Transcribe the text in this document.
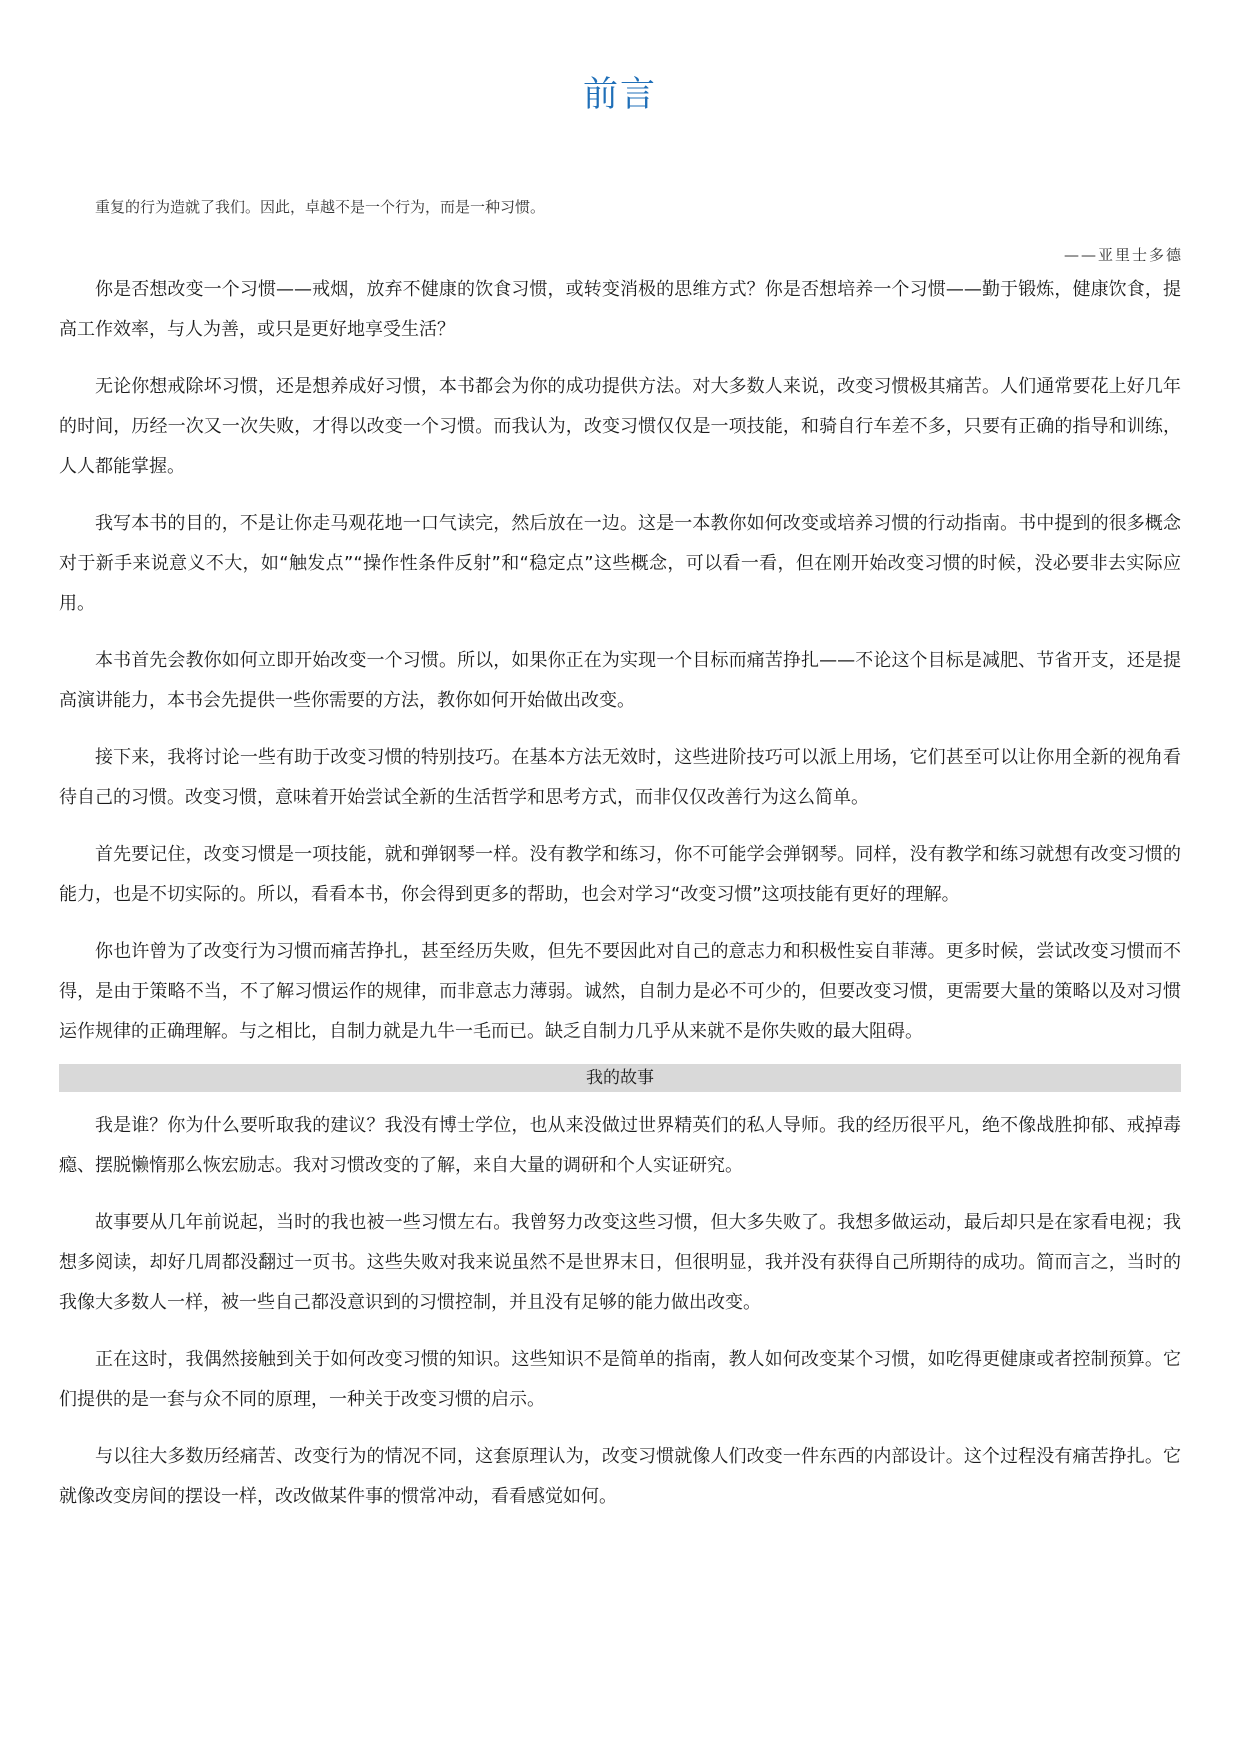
前言
重复的行为造就了我们。因此，卓越不是一个行为，而是一种习惯。
——亚里士多德

你是否想改变一个习惯——戒烟，放弃不健康的饮食习惯，或转变消极的思维方式？你是否想培养一个习惯——勤于锻炼，健康饮食，提高工作效率，与人为善，或只是更好地享受生活？

无论你想戒除坏习惯，还是想养成好习惯，本书都会为你的成功提供方法。对大多数人来说，改变习惯极其痛苦。人们通常要花上好几年的时间，历经一次又一次失败，才得以改变一个习惯。而我认为，改变习惯仅仅是一项技能，和骑自行车差不多，只要有正确的指导和训练，人人都能掌握。

我写本书的目的，不是让你走马观花地一口气读完，然后放在一边。这是一本教你如何改变或培养习惯的行动指南。书中提到的很多概念对于新手来说意义不大，如“触发点”“操作性条件反射”和“稳定点”这些概念，可以看一看，但在刚开始改变习惯的时候，没必要非去实际应用。

本书首先会教你如何立即开始改变一个习惯。所以，如果你正在为实现一个目标而痛苦挣扎——不论这个目标是减肥、节省开支，还是提高演讲能力，本书会先提供一些你需要的方法，教你如何开始做出改变。

接下来，我将讨论一些有助于改变习惯的特别技巧。在基本方法无效时，这些进阶技巧可以派上用场，它们甚至可以让你用全新的视角看待自己的习惯。改变习惯，意味着开始尝试全新的生活哲学和思考方式，而非仅仅改善行为这么简单。

首先要记住，改变习惯是一项技能，就和弹钢琴一样。没有教学和练习，你不可能学会弹钢琴。同样，没有教学和练习就想有改变习惯的能力，也是不切实际的。所以，看看本书，你会得到更多的帮助，也会对学习“改变习惯”这项技能有更好的理解。

你也许曾为了改变行为习惯而痛苦挣扎，甚至经历失败，但先不要因此对自己的意志力和积极性妄自菲薄。更多时候，尝试改变习惯而不得，是由于策略不当，不了解习惯运作的规律，而非意志力薄弱。诚然，自制力是必不可少的，但要改变习惯，更需要大量的策略以及对习惯运作规律的正确理解。与之相比，自制力就是九牛一毛而已。缺乏自制力几乎从来就不是你失败的最大阻碍。

我的故事

我是谁？你为什么要听取我的建议？我没有博士学位，也从来没做过世界精英们的私人导师。我的经历很平凡，绝不像战胜抑郁、戒掉毒瘾、摆脱懒惰那么恢宏励志。我对习惯改变的了解，来自大量的调研和个人实证研究。

故事要从几年前说起，当时的我也被一些习惯左右。我曾努力改变这些习惯，但大多失败了。我想多做运动，最后却只是在家看电视；我想多阅读，却好几周都没翻过一页书。这些失败对我来说虽然不是世界末日，但很明显，我并没有获得自己所期待的成功。简而言之，当时的我像大多数人一样，被一些自己都没意识到的习惯控制，并且没有足够的能力做出改变。

正在这时，我偶然接触到关于如何改变习惯的知识。这些知识不是简单的指南，教人如何改变某个习惯，如吃得更健康或者控制预算。它们提供的是一套与众不同的原理，一种关于改变习惯的启示。

与以往大多数历经痛苦、改变行为的情况不同，这套原理认为，改变习惯就像人们改变一件东西的内部设计。这个过程没有痛苦挣扎。它就像改变房间的摆设一样，改改做某件事的惯常冲动，看看感觉如何。
